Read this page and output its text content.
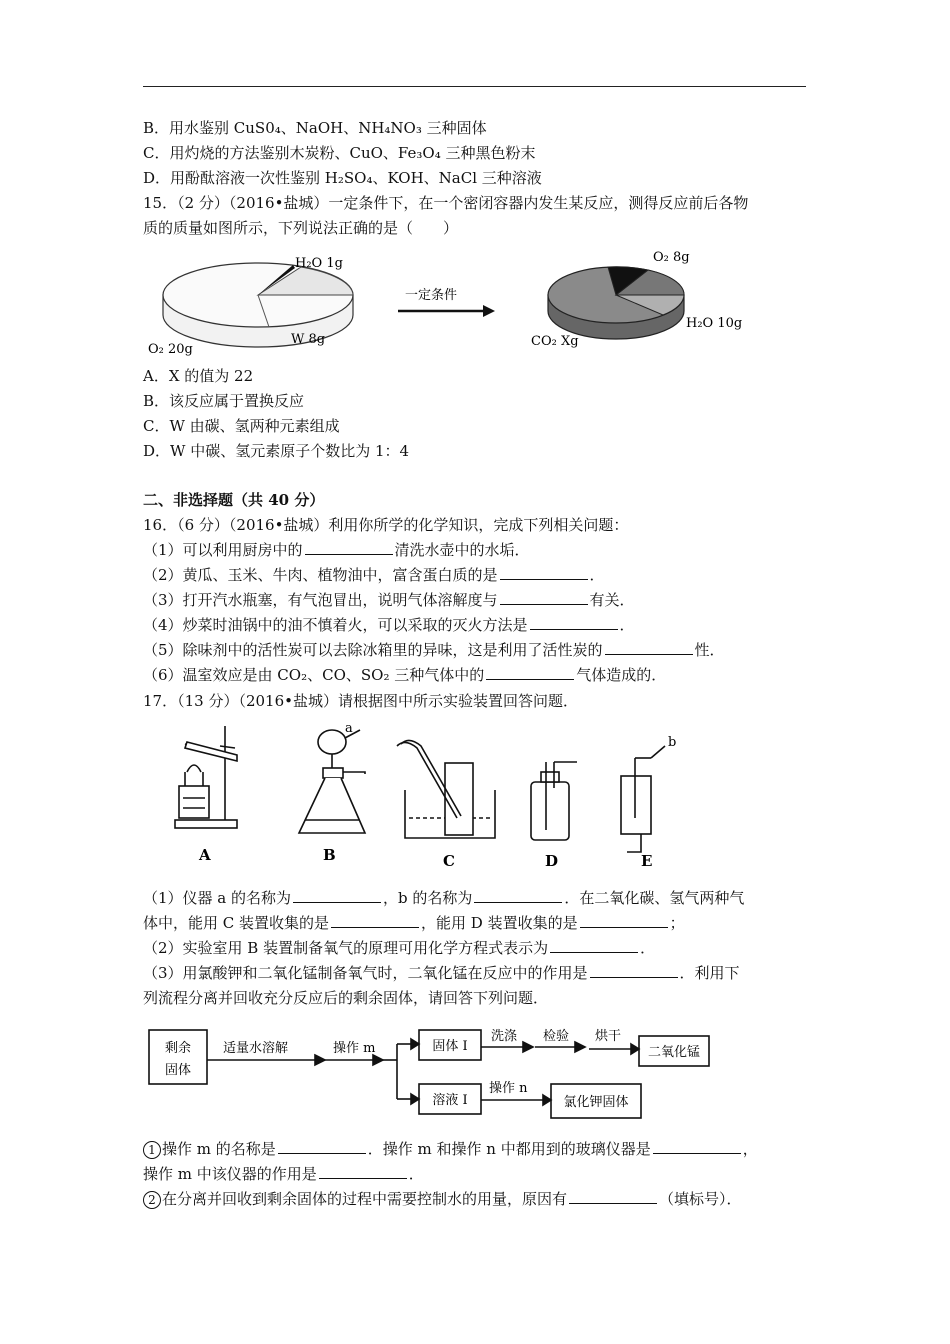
B．用水鉴别 CuS0₄、NaOH、NH₄NO₃ 三种固体
C．用灼烧的方法鉴别木炭粉、CuO、Fe₃O₄ 三种黑色粉末
D．用酚酞溶液一次性鉴别 H₂SO₄、KOH、NaCl 三种溶液
15．（2 分）（2016•盐城）一定条件下，在一个密闭容器内发生某反应，测得反应前后各物
质的质量如图所示，下列说法正确的是（　　）
H₂O 1g
W 8g
O₂ 20g
一定条件
O₂ 8g
H₂O 10g
CO₂ Xg
A．X 的值为 22
B．该反应属于置换反应
C．W 由碳、氢两种元素组成
D．W 中碳、氢元素原子个数比为 1：4
二、非选择题（共 40 分）
16．（6 分）（2016•盐城）利用你所学的化学知识，完成下列相关问题：
（1）可以利用厨房中的	清洗水壶中的水垢．
（2）黄瓜、玉米、牛肉、植物油中，富含蛋白质的是	．
（3）打开汽水瓶塞，有气泡冒出，说明气体溶解度与	有关．
（4）炒菜时油锅中的油不慎着火，可以采取的灭火方法是	．
（5）除味剂中的活性炭可以去除冰箱里的异味，这是利用了活性炭的	性．
（6）温室效应是由 CO₂、CO、SO₂ 三种气体中的	气体造成的．
17．（13 分）（2016•盐城）请根据图中所示实验装置回答问题．
a
b
A	B	C	D	E
（1）仪器 a 的名称为	，b 的名称为	．在二氧化碳、氢气两种气
体中，能用 C 装置收集的是	，能用 D 装置收集的是	；
（2）实验室用 B 装置制备氧气的原理可用化学方程式表示为	．
（3）用氯酸钾和二氧化锰制备氧气时，二氧化锰在反应中的作用是	．利用下
列流程分离并回收充分反应后的剩余固体，请回答下列问题．
剩余固体
适量水溶解	操作 m	固体 I
洗涤 检验 烘干
二氧化锰
溶液 I
操作 n
氯化钾固体
1 操作 m 的名称是	．操作 m 和操作 n 中都用到的玻璃仪器是	，
操作 m 中该仪器的作用是	．
2 在分离并回收到剩余固体的过程中需要控制水的用量，原因有	（填标号）．
